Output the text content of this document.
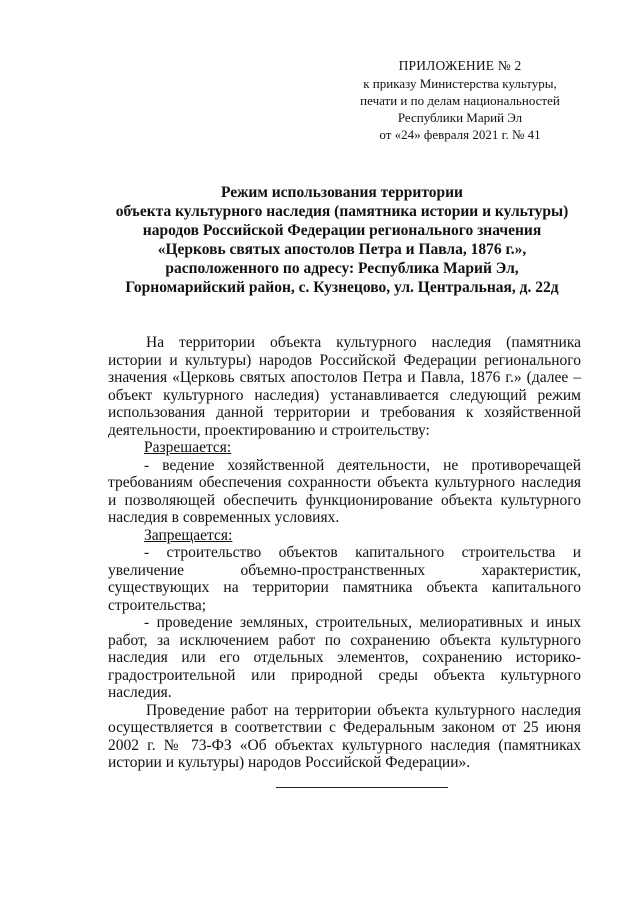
ПРИЛОЖЕНИЕ № 2
к приказу Министерства культуры,
печати и по делам национальностей
Республики Марий Эл
от «24» февраля 2021 г. № 41
Режим использования территории
объекта культурного наследия (памятника истории и культуры)
народов Российской Федерации регионального значения
«Церковь святых апостолов Петра и Павла, 1876 г.»,
расположенного по адресу: Республика Марий Эл,
Горномарийский район, с. Кузнецово, ул. Центральная, д. 22д

На территории объекта культурного наследия (памятника истории и культуры) народов Российской Федерации регионального значения «Церковь святых апостолов Петра и Павла, 1876 г.» (далее – объект культурного наследия) устанавливается следующий режим использования данной территории и требования к хозяйственной деятельности, проектированию и строительству:

Разрешается:

- ведение хозяйственной деятельности, не противоречащей требованиям обеспечения сохранности объекта культурного наследия и позволяющей обеспечить функционирование объекта культурного наследия в современных условиях.

Запрещается:

- строительство объектов капитального строительства и увеличение объемно-пространственных характеристик, существующих на территории памятника объекта капитального строительства;

- проведение земляных, строительных, мелиоративных и иных работ, за исключением работ по сохранению объекта культурного наследия или его отдельных элементов, сохранению историко-градостроительной или природной среды объекта культурного наследия.

Проведение работ на территории объекта культурного наследия осуществляется в соответствии с Федеральным законом от 25 июня 2002 г. № 73-ФЗ «Об объектах культурного наследия (памятниках истории и культуры) народов Российской Федерации».
